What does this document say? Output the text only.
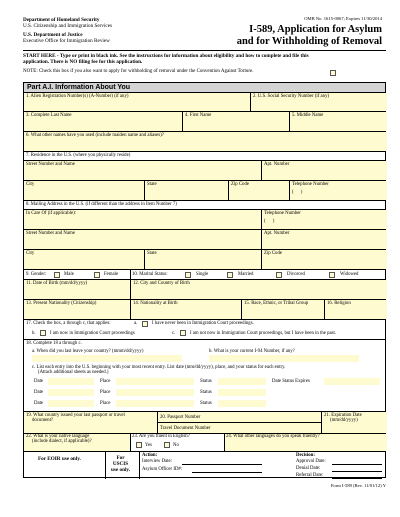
Department of Homeland Security
U.S. Citizenship and Immigration Services
U.S. Department of Justice
Executive Office for Immigration Review
OMB No. 1615-0067; Expires 11/30/2014
I-589, Application for Asylum
and for Withholding of Removal
START HERE - Type or print in black ink. See the instructions for information about eligibility and how to complete and file this
application. There is NO filing fee for this application.
NOTE: Check this box if you also want to apply for withholding of removal under the Convention Against Torture.
Part A.I. Information About You
1. Alien Registration Number(s) (A-Number) (if any)	2. U.S. Social Security Number (if any)
3. Complete Last Name	4. First Name	5. Middle Name
6. What other names have you used (include maiden name and aliases)?
7. Residence in the U.S. (where you physically reside)
Street Number and Name	Apt. Number
City	State	Zip Code	Telephone Number
(      )
8. Mailing Address in the U.S. (if different than the address in Item Number 7)
In Care Of (if applicable):	Telephone Number
(      )
Street Number and Name	Apt. Number
City	State	Zip Code
9. Gender:	Male	Female	10. Marital Status:	Single	Married	Divorced	Widowed
11. Date of Birth (mm/dd/yyyy)	12. City and Country of Birth
13. Present Nationality (Citizenship)	14. Nationality at Birth	15. Race, Ethnic, or Tribal Group	16. Religion
17. Check the box, a through c, that applies:	a.	I have never been in Immigration Court proceedings.
b.	I am now in Immigration Court proceedings	c.	I am not now in Immigration Court proceedings, but I have been in the past.
18. Complete 18 a through c.
a. When did you last leave your country? (mmm/dd/yyyy)	b. What is your current I-94 Number, if any?
c. List each entry into the U.S. beginning with your most recent entry. List date (mm/dd/yyyy), place, and your status for each entry.
(Attach additional sheets as needed.)
Date	Place	Status	Date Status Expires
Date	Place	Status
Date	Place	Status
19. What country issued your last passport or travel
document?
20. Passport Number
Travel Document Number
21. Expiration Date
(mm/dd/yyyy)
22. What is your native language
(include dialect, if applicable)?
23. Are you fluent in English?
Yes	No
24. What other languages do you speak fluently?
For EOIR use only.	For
USCIS
use only.
Action:
Interview Date:
Asylum Officer ID#:
Decision:
Approval Date:
Denial Date:
Referral Date:
Form I-589 (Rev. 11/01/12) Y
